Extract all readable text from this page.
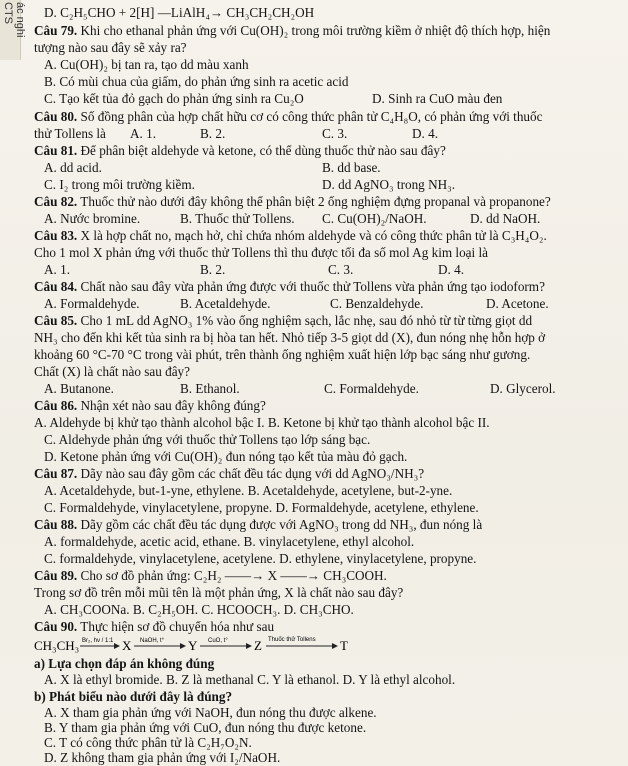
ác nghi CTS	D. C₂H₅CHO + 2[H] —LiAlH₄→ CH₃CH₂CH₂OH
Câu 79. Khi cho ethanal phản ứng với Cu(OH)₂ trong môi trường kiềm ở nhiệt độ thích hợp, hiện
tượng nào sau đây sẽ xảy ra?
A. Cu(OH)₂ bị tan ra, tạo dd màu xanh
B. Có mùi chua của giấm, do phản ứng sinh ra acetic acid
C. Tạo kết tủa đỏ gạch do phản ứng sinh ra Cu₂O	D. Sinh ra CuO màu đen
Câu 80. Số đồng phân của hợp chất hữu cơ có công thức phân tử C₄H₈O, có phản ứng với thuốc
thử Tollens là A. 1.	B. 2.	C. 3.	D. 4.
Câu 81. Để phân biệt aldehyde và ketone, có thể dùng thuốc thử nào sau đây?
A. dd acid.	B. dd base.
C. I₂ trong môi trường kiềm.	D. dd AgNO₃ trong NH₃.
Câu 82. Thuốc thử nào dưới đây không thể phân biệt 2 ống nghiệm đựng propanal và propanone?
A. Nước bromine.	B. Thuốc thử Tollens. C. Cu(OH)₂/NaOH.	D. dd NaOH.
Câu 83. X là hợp chất no, mạch hở, chỉ chứa nhóm aldehyde và có công thức phân tử là C₃H₄O₂.
Cho 1 mol X phản ứng với thuốc thử Tollens thì thu được tối đa số mol Ag kim loại là
A. 1.	B. 2.	C. 3.	D. 4.
Câu 84. Chất nào sau đây vừa phản ứng được với thuốc thử Tollens vừa phản ứng tạo iodoform?
A. Formaldehyde.	B. Acetaldehyde.	C. Benzaldehyde.	D. Acetone.
Câu 85. Cho 1 mL dd AgNO₃ 1% vào ống nghiệm sạch, lắc nhẹ, sau đó nhỏ từ từ từng giọt dd
NH₃ cho đến khi kết tủa sinh ra bị hòa tan hết. Nhỏ tiếp 3-5 giọt dd (X), đun nóng nhẹ hỗn hợp ở
khoảng 60 °C-70 °C trong vài phút, trên thành ống nghiệm xuất hiện lớp bạc sáng như gương.
Chất (X) là chất nào sau đây?
A. Butanone.	B. Ethanol.	C. Formaldehyde.	D. Glycerol.
Câu 86. Nhận xét nào sau đây không đúng?
A. Aldehyde bị khử tạo thành alcohol bậc I. B. Ketone bị khử tạo thành alcohol bậc II.
C. Aldehyde phản ứng với thuốc thử Tollens tạo lớp sáng bạc.
D. Ketone phản ứng với Cu(OH)₂ đun nóng tạo kết tủa màu đỏ gạch.
Câu 87. Dãy nào sau đây gồm các chất đều tác dụng với dd AgNO₃/NH₃?
A. Acetaldehyde, but-1-yne, ethylene. B. Acetaldehyde, acetylene, but-2-yne.
C. Formaldehyde, vinylacetylene, propyne. D. Formaldehyde, acetylene, ethylene.
Câu 88. Dãy gồm các chất đều tác dụng được với AgNO₃ trong dd NH₃, đun nóng là
A. formaldehyde, acetic acid, ethane. B. vinylacetylene, ethyl alcohol.
C. formaldehyde, vinylacetylene, acetylene. D. ethylene, vinylacetylene, propyne.
Câu 89. Cho sơ đồ phản ứng: C₂H₂ ——→ X ——→ CH₃COOH.
Trong sơ đồ trên mỗi mũi tên là một phản ứng, X là chất nào sau đây?
A. CH₃COONa. B. C₂H₅OH. C. HCOOCH₃. D. CH₃CHO.
Câu 90. Thực hiện sơ đồ chuyển hóa như sau
CH₃CH₃ Br₂, hν / 1:1 X NaOH, t° Y CuO, t° Z Thuốc thử Tollens T
a) Lựa chọn đáp án không đúng
A. X là ethyl bromide. B. Z là methanal C. Y là ethanol. D. Y là ethyl alcohol.
b) Phát biểu nào dưới đây là đúng?
A. X tham gia phản ứng với NaOH, đun nóng thu được alkene.
B. Y tham gia phản ứng với CuO, đun nóng thu được ketone.
C. T có công thức phân tử là C₂H₇O₂N.
D. Z không tham gia phản ứng với I₂/NaOH.
